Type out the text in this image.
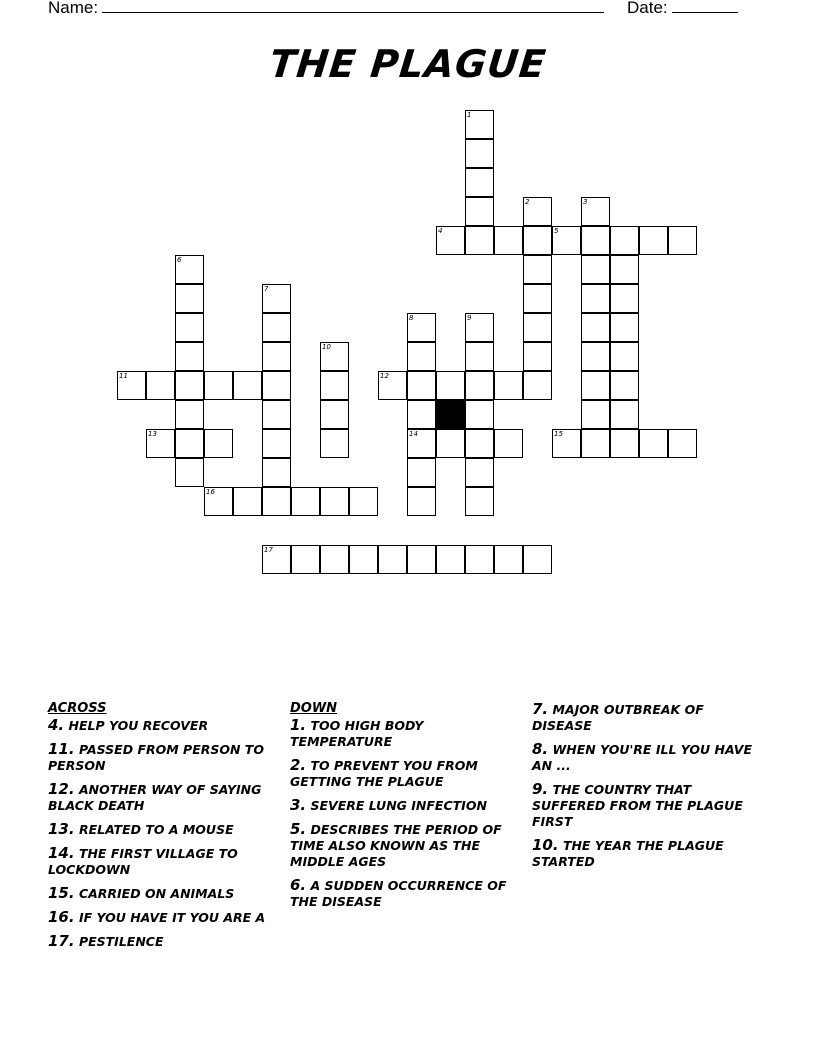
Name:	Date:
THE PLAGUE
1
2	3
4	5
6
7
8
14
9
10
11	12
13	15
16
17
ACROSS
4. HELP YOU RECOVER
11. PASSED FROM PERSON TO PERSON
12. ANOTHER WAY OF SAYING BLACK DEATH
13. RELATED TO A MOUSE
14. THE FIRST VILLAGE TO LOCKDOWN
15. CARRIED ON ANIMALS
16. IF YOU HAVE IT YOU ARE A
17. PESTILENCE
DOWN
1. TOO HIGH BODY TEMPERATURE
2. TO PREVENT YOU FROM GETTING THE PLAGUE
3. SEVERE LUNG INFECTION
5. DESCRIBES THE PERIOD OF TIME ALSO KNOWN AS THE MIDDLE AGES
6. A SUDDEN OCCURRENCE OF THE DISEASE
7. MAJOR OUTBREAK OF DISEASE
8. WHEN YOU'RE ILL YOU HAVE AN ...
9. THE COUNTRY THAT SUFFERED FROM THE PLAGUE FIRST
10. THE YEAR THE PLAGUE STARTED
